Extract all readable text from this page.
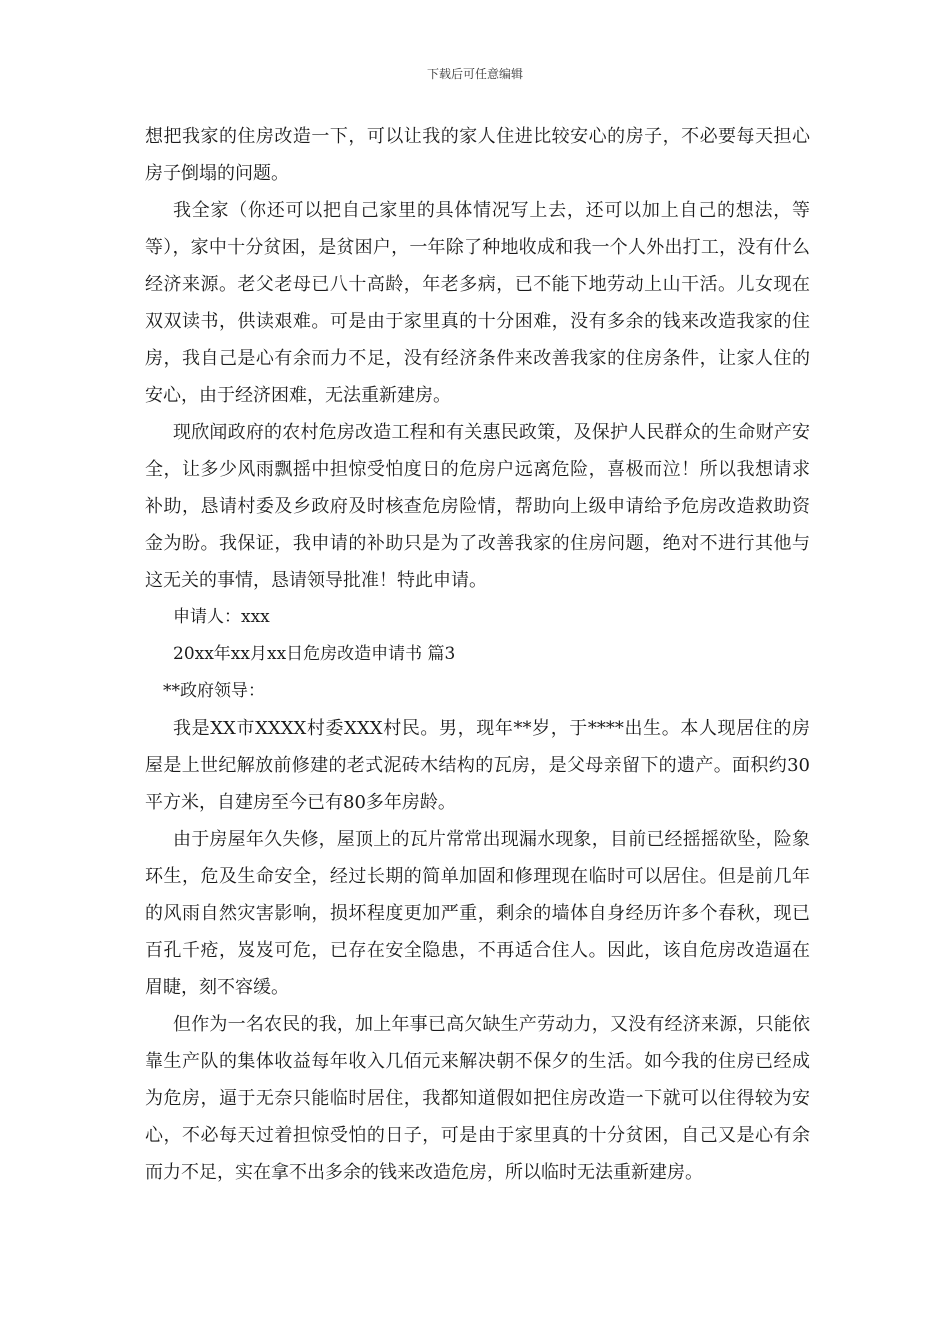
下载后可任意编辑

想把我家的住房改造一下，可以让我的家人住进比较安心的房子，不必要每天担心房子倒塌的问题。

我全家（你还可以把自己家里的具体情况写上去，还可以加上自己的想法，等等），家中十分贫困，是贫困户，一年除了种地收成和我一个人外出打工，没有什么经济来源。老父老母已八十高龄，年老多病，已不能下地劳动上山干活。儿女现在双双读书，供读艰难。可是由于家里真的十分困难，没有多余的钱来改造我家的住房，我自己是心有余而力不足，没有经济条件来改善我家的住房条件，让家人住的安心，由于经济困难，无法重新建房。

现欣闻政府的农村危房改造工程和有关惠民政策，及保护人民群众的生命财产安全，让多少风雨飘摇中担惊受怕度日的危房户远离危险，喜极而泣！所以我想请求补助，恳请村委及乡政府及时核查危房险情，帮助向上级申请给予危房改造救助资金为盼。我保证，我申请的补助只是为了改善我家的住房问题，绝对不进行其他与这无关的事情，恳请领导批准！特此申请。

申请人：xxx

20xx年xx月xx日危房改造申请书 篇3

**政府领导：

我是XX市XXXX村委XXX村民。男，现年**岁，于****出生。本人现居住的房屋是上世纪解放前修建的老式泥砖木结构的瓦房，是父母亲留下的遗产。面积约30平方米，自建房至今已有80多年房龄。

由于房屋年久失修，屋顶上的瓦片常常出现漏水现象，目前已经摇摇欲坠，险象环生，危及生命安全，经过长期的简单加固和修理现在临时可以居住。但是前几年的风雨自然灾害影响，损坏程度更加严重，剩余的墙体自身经历许多个春秋，现已百孔千疮，岌岌可危，已存在安全隐患，不再适合住人。因此，该自危房改造逼在眉睫，刻不容缓。

但作为一名农民的我，加上年事已高欠缺生产劳动力，又没有经济来源，只能依靠生产队的集体收益每年收入几佰元来解决朝不保夕的生活。如今我的住房已经成为危房，逼于无奈只能临时居住，我都知道假如把住房改造一下就可以住得较为安心，不必每天过着担惊受怕的日子，可是由于家里真的十分贫困，自己又是心有余而力不足，实在拿不出多余的钱来改造危房，所以临时无法重新建房。
